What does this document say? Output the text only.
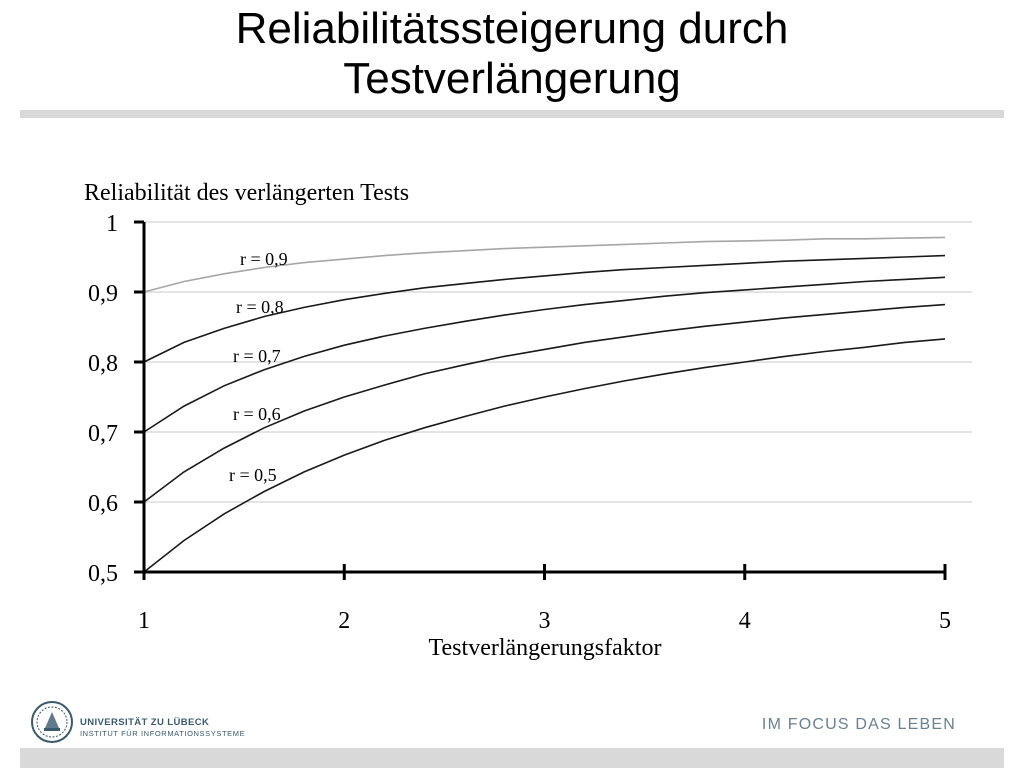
Reliabilitätssteigerung durch
Testverlängerung
0,5
0,6
0,7
0,8
0,9
1
1	2	3	4	5
r = 0,9
r = 0,8
r = 0,7
r = 0,6
r = 0,5
Reliabilität des verlängerten Tests
Testverlängerungsfaktor
UNIVERSITÄT ZU LÜBECK
INSTITUT FÜR INFORMATIONSSYSTEME
IM FOCUS DAS LEBEN
